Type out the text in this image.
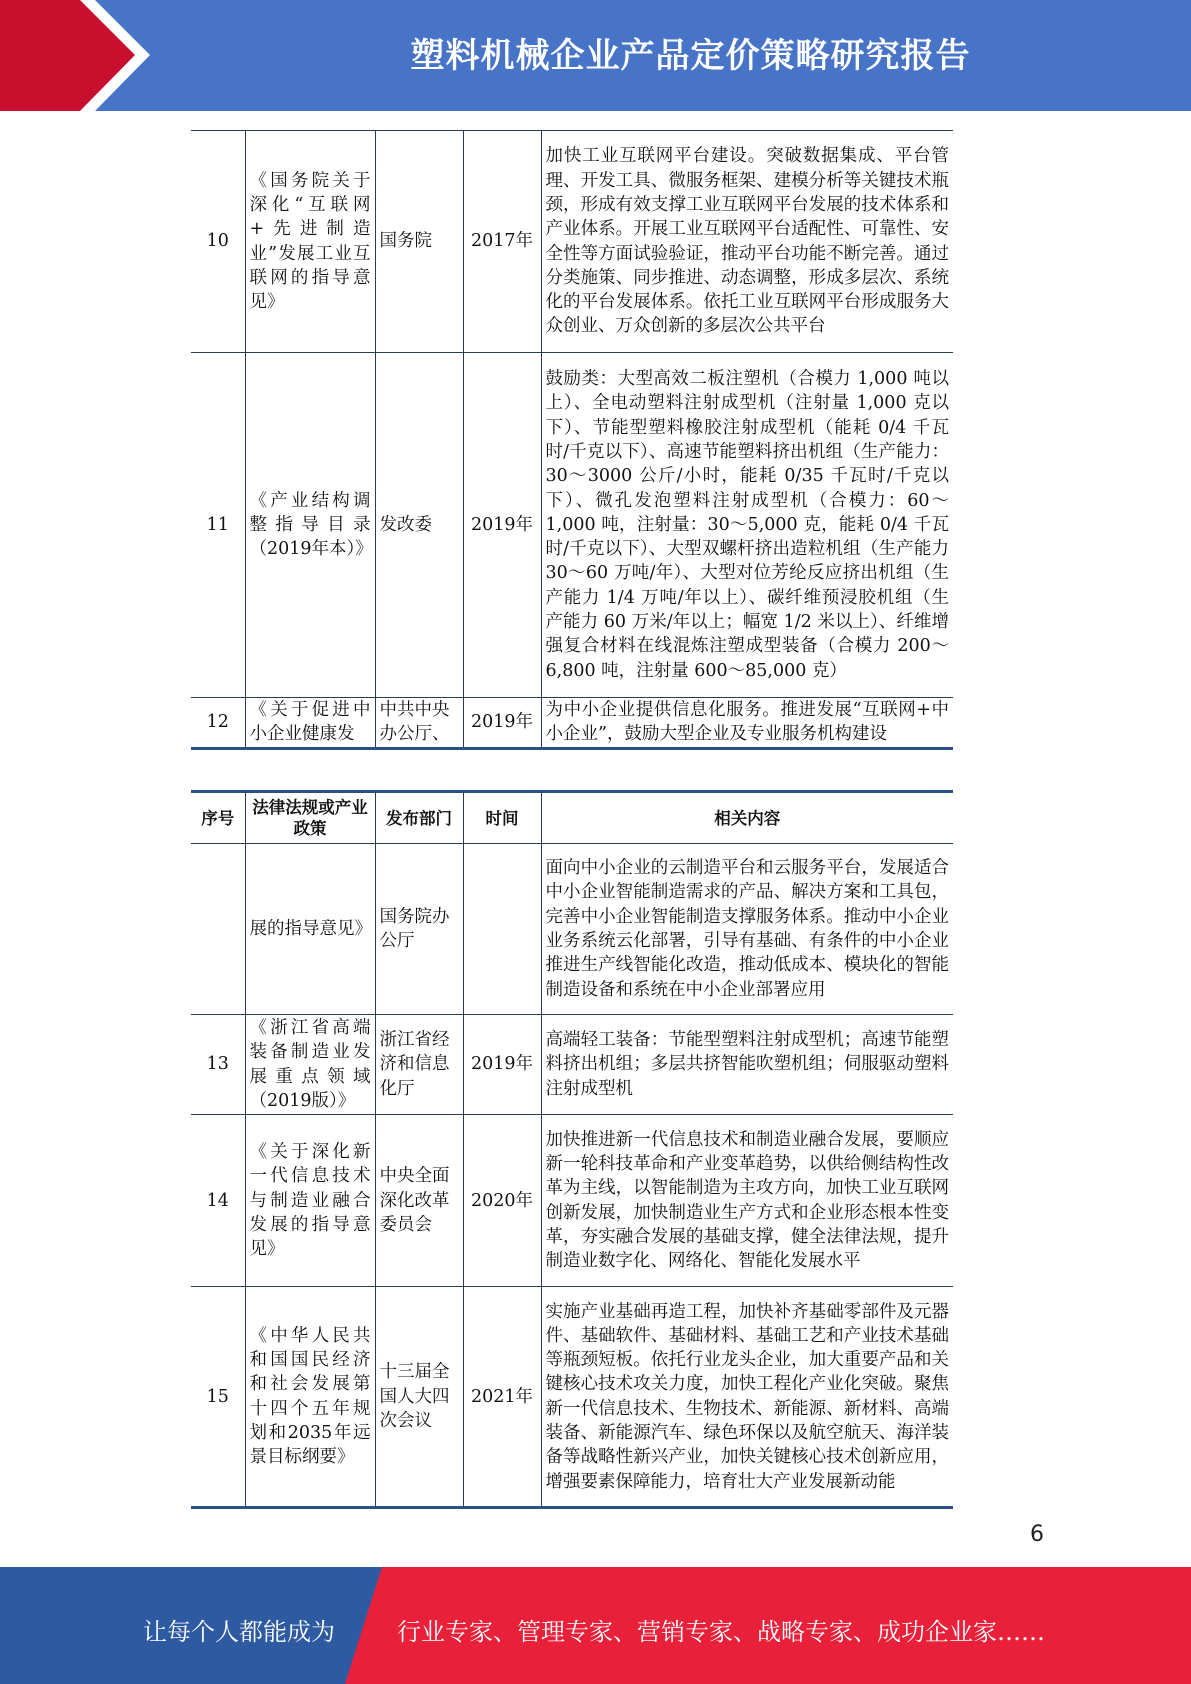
塑料机械企业产品定价策略研究报告
10	《国务院关于深化“互联网+先进制造业”发展工业互联网的指导意见》	国务院	2017年	加快工业互联网平台建设。突破数据集成、平台管理、开发工具、微服务框架、建模分析等关键技术瓶颈，形成有效支撑工业互联网平台发展的技术体系和产业体系。开展工业互联网平台适配性、可靠性、安全性等方面试验验证，推动平台功能不断完善。通过分类施策、同步推进、动态调整，形成多层次、系统化的平台发展体系。依托工业互联网平台形成服务大众创业、万众创新的多层次公共平台
11	《产业结构调整指导目录（2019年本）》	发改委	2019年	鼓励类：大型高效二板注塑机（合模力 1,000 吨以上）、全电动塑料注射成型机（注射量 1,000 克以下）、节能型塑料橡胶注射成型机（能耗 0/4 千瓦时/千克以下）、高速节能塑料挤出机组（生产能力：30～3000 公斤/小时，能耗 0/35 千瓦时/千克以下）、微孔发泡塑料注射成型机（合模力：60～1,000 吨，注射量：30～5,000 克，能耗 0/4 千瓦时/千克以下）、大型双螺杆挤出造粒机组（生产能力 30～60 万吨/年）、大型对位芳纶反应挤出机组（生产能力 1/4 万吨/年以上）、碳纤维预浸胶机组（生产能力 60 万米/年以上；幅宽 1/2 米以上）、纤维增强复合材料在线混炼注塑成型装备（合模力 200～6,800 吨，注射量 600～85,000 克）
12	《关于促进中小企业健康发	中共中央办公厅、	2019年	为中小企业提供信息化服务。推进发展“互联网+中小企业”，鼓励大型企业及专业服务机构建设
序号	法律法规或产业政策	发布部门	时间	相关内容
	展的指导意见》	国务院办公厅		面向中小企业的云制造平台和云服务平台，发展适合中小企业智能制造需求的产品、解决方案和工具包，完善中小企业智能制造支撑服务体系。推动中小企业业务系统云化部署，引导有基础、有条件的中小企业推进生产线智能化改造，推动低成本、模块化的智能制造设备和系统在中小企业部署应用
13	《浙江省高端装备制造业发展重点领域（2019版）》	浙江省经济和信息化厅	2019年	高端轻工装备：节能型塑料注射成型机；高速节能塑料挤出机组；多层共挤智能吹塑机组；伺服驱动塑料注射成型机
14	《关于深化新一代信息技术与制造业融合发展的指导意见》	中央全面深化改革委员会	2020年	加快推进新一代信息技术和制造业融合发展，要顺应新一轮科技革命和产业变革趋势，以供给侧结构性改革为主线，以智能制造为主攻方向，加快工业互联网创新发展，加快制造业生产方式和企业形态根本性变革，夯实融合发展的基础支撑，健全法律法规，提升制造业数字化、网络化、智能化发展水平
15	《中华人民共和国国民经济和社会发展第十四个五年规划和2035年远景目标纲要》	十三届全国人大四次会议	2021年	实施产业基础再造工程，加快补齐基础零部件及元器件、基础软件、基础材料、基础工艺和产业技术基础等瓶颈短板。依托行业龙头企业，加大重要产品和关键核心技术攻关力度，加快工程化产业化突破。聚焦新一代信息技术、生物技术、新能源、新材料、高端装备、新能源汽车、绿色环保以及航空航天、海洋装备等战略性新兴产业，加快关键核心技术创新应用，增强要素保障能力，培育壮大产业发展新动能
6
让每个人都能成为	行业专家、管理专家、营销专家、战略专家、成功企业家……
